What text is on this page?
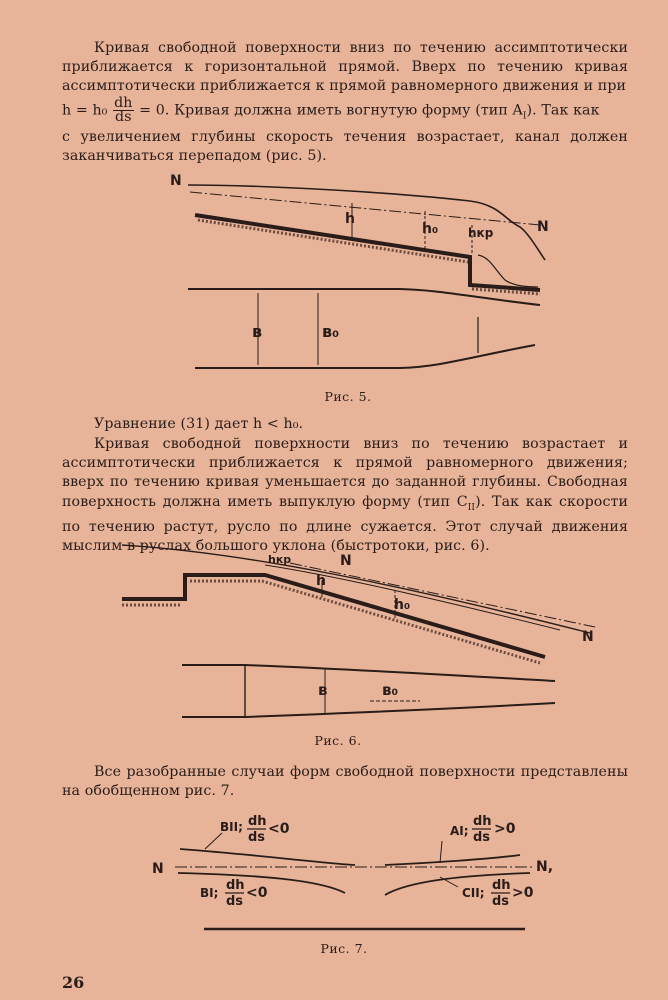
Кривая свободной поверхности вниз по течению ассимптотически приближается к горизонтальной прямой. Вверх по течению кривая ассимптотически приближается к прямой равномерного движения и при

$h = h_0 \frac{dh}{ds} = 0$. Кривая должна иметь вогнутую форму (тип $A_I$). Так как

с увеличением глубины скорость течения возрастает, канал должен заканчиваться перепадом (рис. 5).

N
N
h
h₀ hкр
в	в₀
Рис. 5.

Уравнение (31) дает h < h₀.

Кривая свободной поверхности вниз по течению возрастает и ассимптотически приближается к прямой равномерного движения; вверх по течению кривая уменьшается до заданной глубины. Свободная поверхность должна иметь выпуклую форму (тип $C_{II}$). Так как скорости по течению растут, русло по длине сужается. Этот случай движения мыслим в руслах большого уклона (быстротоки, рис. 6).

hкр	N
h
h₀
N
в	в₀
Рис. 6.

Все разобранные случаи форм свободной поверхности представлены на обобщенном рис. 7.

BII; dh
ds
<0	AI;
dh
ds
>0
N	N,
BI; dh
ds
<0	CII; dh
ds
>0
Рис. 7.
26
